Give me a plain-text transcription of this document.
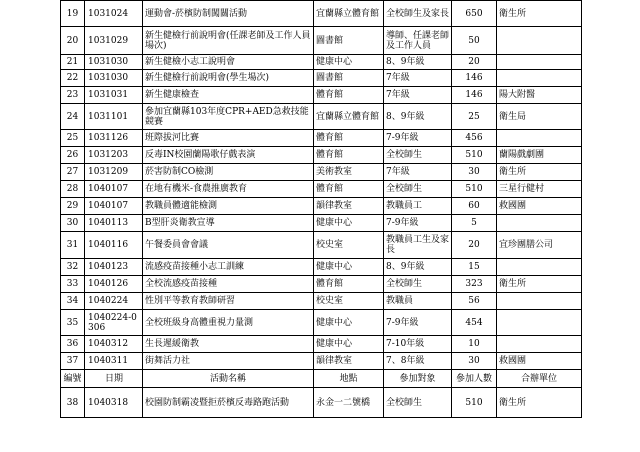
19	1031024	運動會-菸檳防制闖關活動	宜蘭縣立體育館	全校師生及家長	650	衛生所
20	1031029	新生健檢行前說明會(任課老師及工作人員場次)	圖書館	導師、任課老師及工作人員	50	
21	1031030	新生健檢小志工說明會	健康中心	8、9年級	20	
22	1031030	新生健檢行前說明會(學生場次)	圖書館	7年級	146	
23	1031031	新生健康檢查	體育館	7年級	146	陽大附醫
24	1031101	參加宜蘭縣103年度CPR+AED急救技能競賽	宜蘭縣立體育館	8、9年級	25	衛生局
25	1031126	班際拔河比賽	體育館	7-9年級	456	
26	1031203	反毒IN校園蘭陽歌仔戲表演	體育館	全校師生	510	蘭陽戲劇團
27	1031209	菸害防制CO檢測	美術教室	7年級	30	衛生所
28	1040107	在地有機米-食農推廣教育	體育館	全校師生	510	三星行健村
29	1040107	教職員體適能檢測	韻律教室	教職員工	60	救國團
30	1040113	B型肝炎衛教宣導	健康中心	7-9年級	5	
31	1040116	午餐委員會會議	校史室	教職員工生及家長	20	宜珍團膳公司
32	1040123	流感疫苗接種小志工訓練	健康中心	8、9年級	15	
33	1040126	全校流感疫苗接種	體育館	全校師生	323	衛生所
34	1040224	性別平等教育教師研習	校史室	教職員	56	
35	1040224-0306	全校班級身高體重視力量測	健康中心	7-9年級	454	
36	1040312	生長遲緩衛教	健康中心	7-10年級	10	
37	1040311	街舞活力社	韻律教室	7、8年級	30	救國團
編號	日期	活動名稱	地點	參加對象	參加人數	合辦單位
38	1040318	校園防制霸凌暨拒菸檳反毒路跑活動	永金一二號橋	全校師生	510	衛生所
